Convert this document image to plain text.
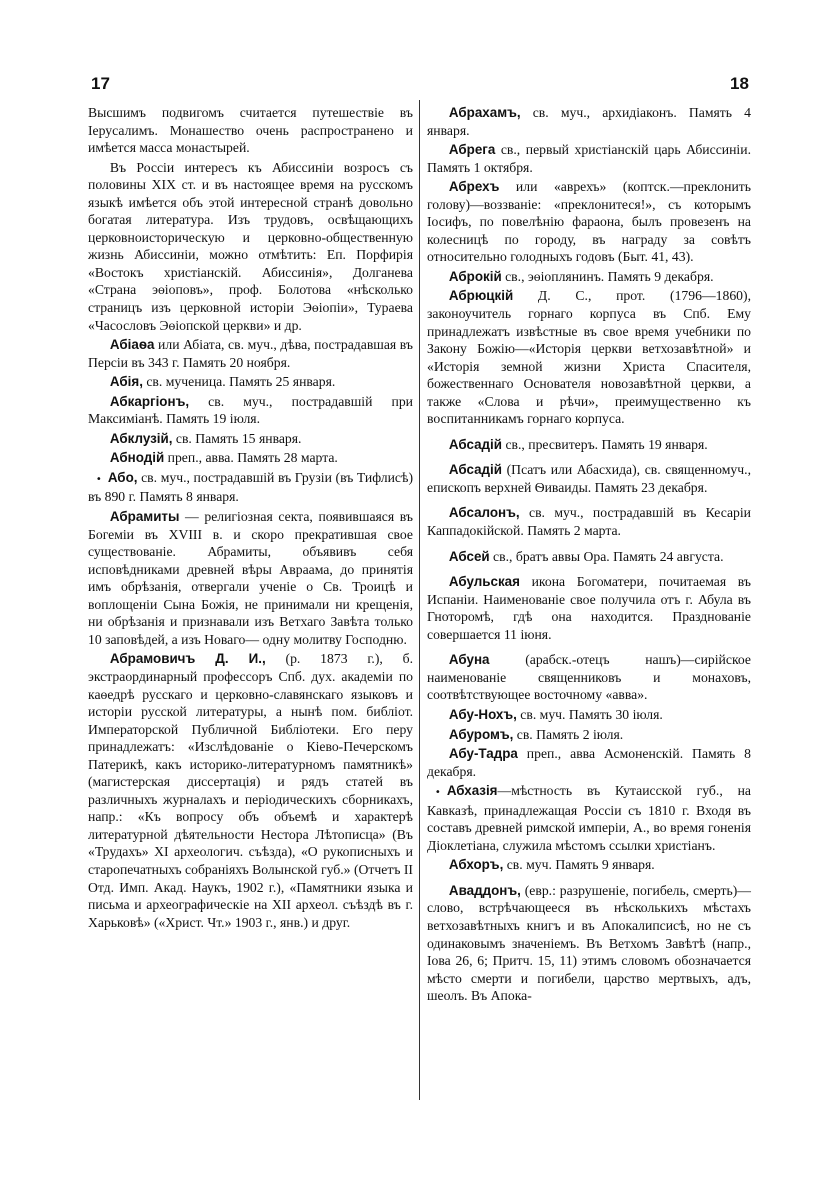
17	18

Высшимъ подвигомъ считается путешествіе въ Іерусалимъ. Монашество очень распространено и имѣется масса монастырей.

Въ Россіи интересъ къ Абиссиніи возросъ съ половины XIX ст. и въ настоящее время на русскомъ языкѣ имѣется объ этой интересной странѣ довольно богатая литература. Изъ трудовъ, освѣщающихъ церковноисторическую и церковно-общественную жизнь Абиссиніи, можно отмѣтить: Еп. Порфирія «Востокъ христіанскій. Абиссинія», Долганева «Страна эѳіоповъ», проф. Болотова «нѣсколько страницъ изъ церковной исторіи Эѳіопіи», Тураева «Часословъ Эѳіопской церкви» и др.

Абіаѳа или Абіата, св. муч., дѣва, пострадавшая въ Персіи въ 343 г. Память 20 ноября.

Абія, св. мученица. Память 25 января.

Абкаргіонъ, св. муч., пострадавшій при Максиміанѣ. Память 19 іюля.

Абклузій, св. Память 15 января.

Абнодій преп., авва. Память 28 марта.

• Або, св. муч., пострадавшій въ Грузіи (въ Тифлисѣ) въ 890 г. Память 8 января.

Абрамиты — религіозная секта, появившаяся въ Богеміи въ XVIII в. и скоро прекратившая свое существованіе. Абрамиты, объявивъ себя исповѣдниками древней вѣры Авраама, до принятія имъ обрѣзанія, отвергали ученіе о Св. Троицѣ и воплощеніи Сына Божія, не принимали ни крещенія, ни обрѣзанія и признавали изъ Ветхаго Завѣта только 10 заповѣдей, а изъ Новаго— одну молитву Господню.

Абрамовичъ Д. И., (р. 1873 г.), б. экстраординарный профессоръ Спб. дух. академіи по каѳедрѣ русскаго и церковно-славянскаго языковъ и исторіи русской литературы, а нынѣ пом. библіот. Императорской Публичной Библіотеки. Его перу принадлежатъ: «Изслѣдованіе о Кіево-Печерскомъ Патерикѣ, какъ историко-литературномъ памятникѣ» (магистерская диссертація) и рядъ статей въ различныхъ журналахъ и періодическихъ сборникахъ, напр.: «Къ вопросу объ объемѣ и характерѣ литературной дѣятельности Нестора Лѣтописца» (Въ «Трудахъ» XI археологич. съѣзда), «О рукописныхъ и старопечатныхъ собраніяхъ Волынской губ.» (Отчетъ II Отд. Имп. Акад. Наукъ, 1902 г.), «Памятники языка и письма и археографическіе на XII археол. съѣздѣ въ г. Харьковѣ» («Христ. Чт.» 1903 г., янв.) и друг.

Абрахамъ, св. муч., архидіаконъ. Память 4 января.

Абрега св., первый христіанскій царь Абиссиніи. Память 1 октября.

Абрехъ или «аврехъ» (коптск.—преклонить голову)—воззваніе: «преклонитеся!», съ которымъ Іосифъ, по повелѣнію фараона, былъ провезенъ на колесницѣ по городу, въ награду за совѣтъ относительно голодныхъ годовъ (Быт. 41, 43).

Аброкій св., эѳіоплянинъ. Память 9 декабря.

Абрюцкій Д. С., прот. (1796—1860), законоучитель горнаго корпуса въ Спб. Ему принадлежатъ извѣстные въ свое время учебники по Закону Божію—«Исторія церкви ветхозавѣтной» и «Исторія земной жизни Христа Спасителя, божественнаго Основателя новозавѣтной церкви, а также «Слова и рѣчи», преимущественно къ воспитанникамъ горнаго корпуса.

Абсадій св., пресвитеръ. Память 19 января.

Абсадій (Псатъ или Абасхида), св. священномуч., епископъ верхней Ѳиваиды. Память 23 декабря.

Абсалонъ, св. муч., пострадавшій въ Кесаріи Каппадокійской. Память 2 марта.

Абсей св., братъ аввы Ора. Память 24 августа.

Абульская икона Богоматери, почитаемая въ Испаніи. Наименованіе свое получила отъ г. Абула въ Гнотоpомѣ, гдѣ она находится. Празднованіе совершается 11 іюня.

Абуна (арабск.-отецъ нашъ)—сирійское наименованіе священниковъ и монаховъ, соотвѣтствующее восточному «авва».

Абу-Нохъ, св. муч. Память 30 іюля.

Абуромъ, св. Память 2 іюля.

Абу-Тадра преп., авва Асмоненскій. Память 8 декабря.

• Абхазія—мѣстность въ Кутаисской губ., на Кавказѣ, принадлежащая Россіи съ 1810 г. Входя въ составъ древней римской имперіи, А., во время гоненія Діоклетіана, служила мѣстомъ ссылки христіанъ.

Абхоръ, св. муч. Память 9 января.

Аваддонъ, (евр.: разрушеніе, погибель, смерть)—слово, встрѣчающееся въ нѣсколькихъ мѣстахъ ветхозавѣтныхъ книгъ и въ Апокалипсисѣ, но не съ одинаковымъ значеніемъ. Въ Ветхомъ Завѣтѣ (напр., Іова 26, 6; Притч. 15, 11) этимъ словомъ обозначается мѣсто смерти и погибели, царство мертвыхъ, адъ, шеолъ. Въ Апока-
